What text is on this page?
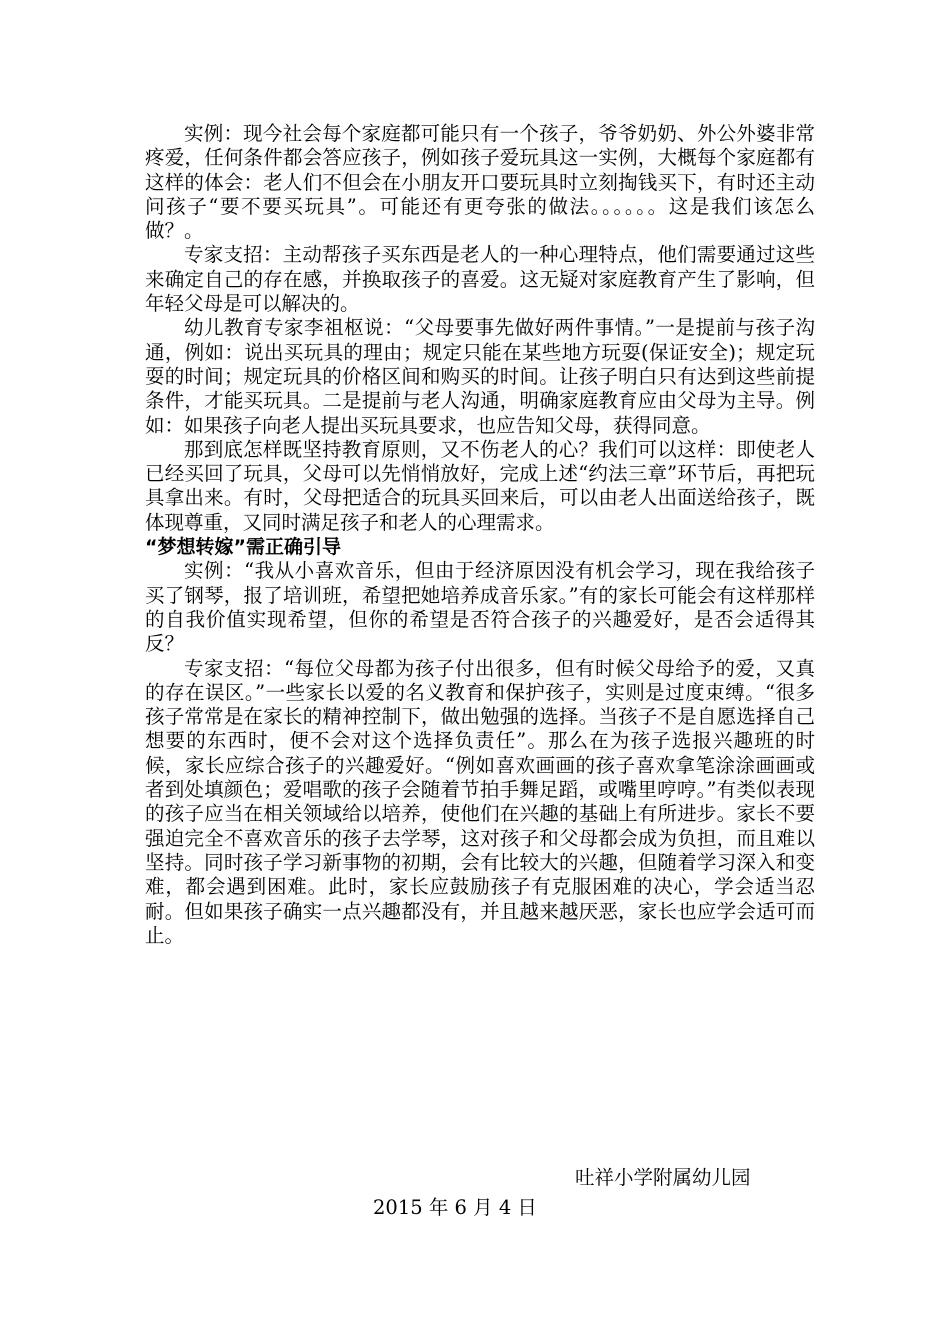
实例：现今社会每个家庭都可能只有一个孩子，爷爷奶奶、外公外婆非常疼爱，任何条件都会答应孩子，例如孩子爱玩具这一实例，大概每个家庭都有这样的体会：老人们不但会在小朋友开口要玩具时立刻掏钱买下，有时还主动问孩子“要不要买玩具”。可能还有更夸张的做法。。。。。。这是我们该怎么做？。

专家支招：主动帮孩子买东西是老人的一种心理特点，他们需要通过这些来确定自己的存在感，并换取孩子的喜爱。这无疑对家庭教育产生了影响，但年轻父母是可以解决的。

幼儿教育专家李祖枢说：“父母要事先做好两件事情。”一是提前与孩子沟通，例如：说出买玩具的理由；规定只能在某些地方玩耍(保证安全)；规定玩耍的时间；规定玩具的价格区间和购买的时间。让孩子明白只有达到这些前提条件，才能买玩具。二是提前与老人沟通，明确家庭教育应由父母为主导。例如：如果孩子向老人提出买玩具要求，也应告知父母，获得同意。

那到底怎样既坚持教育原则，又不伤老人的心？我们可以这样：即使老人已经买回了玩具，父母可以先悄悄放好，完成上述“约法三章”环节后，再把玩具拿出来。有时，父母把适合的玩具买回来后，可以由老人出面送给孩子，既体现尊重，又同时满足孩子和老人的心理需求。

“梦想转嫁”需正确引导

实例：“我从小喜欢音乐，但由于经济原因没有机会学习，现在我给孩子买了钢琴，报了培训班，希望把她培养成音乐家。”有的家长可能会有这样那样的自我价值实现希望，但你的希望是否符合孩子的兴趣爱好，是否会适得其反？

专家支招：“每位父母都为孩子付出很多，但有时候父母给予的爱，又真的存在误区。”一些家长以爱的名义教育和保护孩子，实则是过度束缚。“很多孩子常常是在家长的精神控制下，做出勉强的选择。当孩子不是自愿选择自己想要的东西时，便不会对这个选择负责任”。那么在为孩子选报兴趣班的时候，家长应综合孩子的兴趣爱好。“例如喜欢画画的孩子喜欢拿笔涂涂画画或者到处填颜色；爱唱歌的孩子会随着节拍手舞足蹈，或嘴里哼哼。”有类似表现的孩子应当在相关领域给以培养，使他们在兴趣的基础上有所进步。家长不要强迫完全不喜欢音乐的孩子去学琴，这对孩子和父母都会成为负担，而且难以坚持。同时孩子学习新事物的初期，会有比较大的兴趣，但随着学习深入和变难，都会遇到困难。此时，家长应鼓励孩子有克服困难的决心，学会适当忍耐。但如果孩子确实一点兴趣都没有，并且越来越厌恶，家长也应学会适可而止。

吐祥小学附属幼儿园
2015 年 6 月 4 日
